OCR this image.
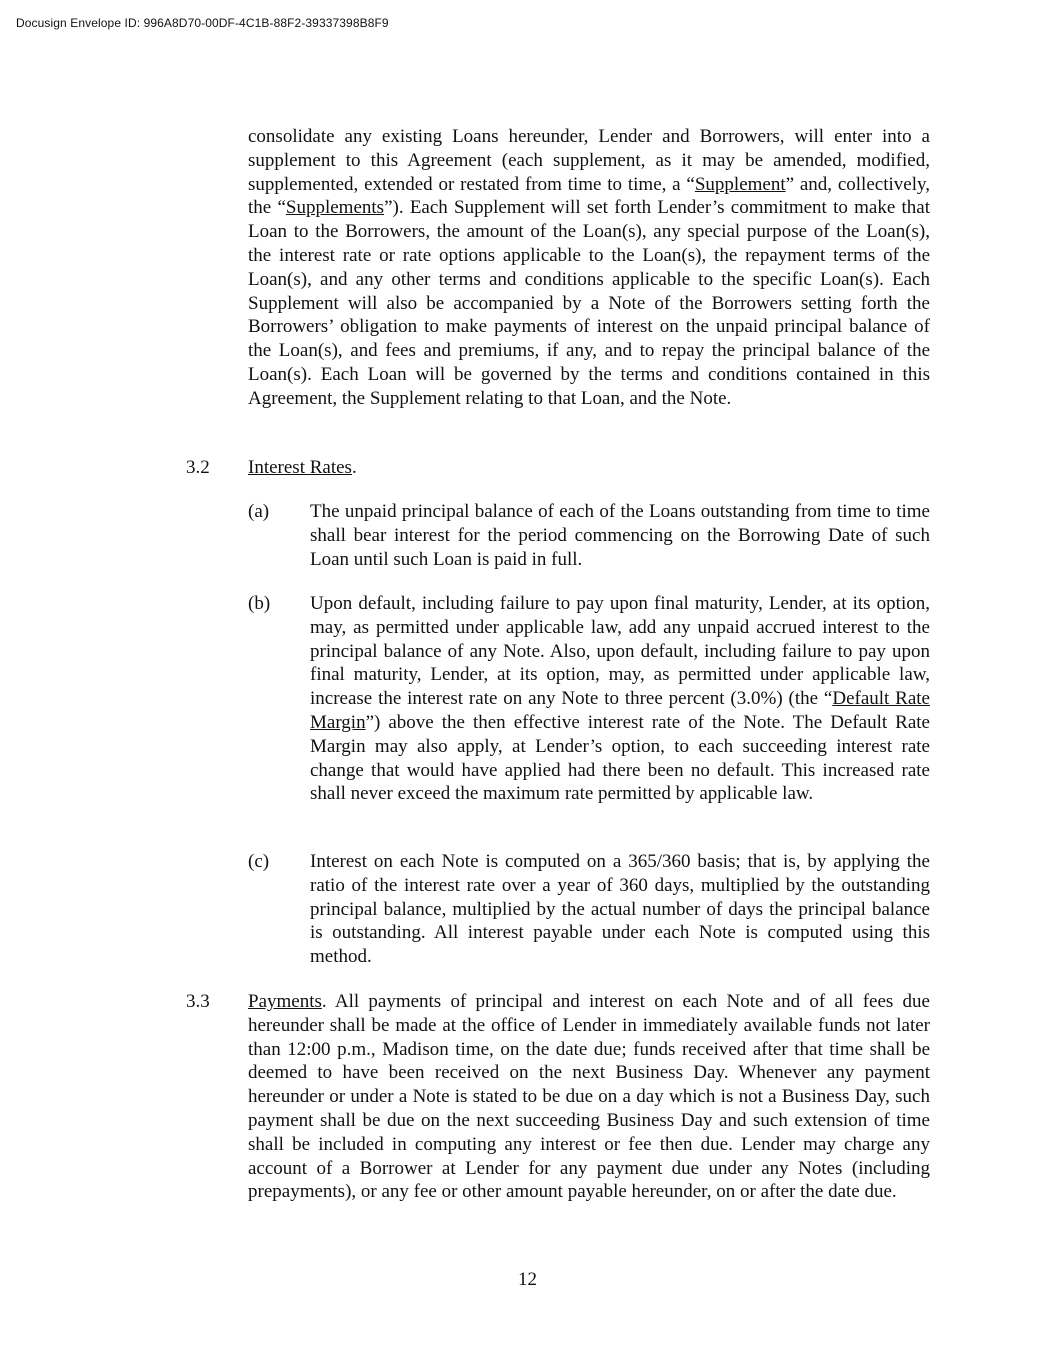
Docusign Envelope ID: 996A8D70-00DF-4C1B-88F2-39337398B8F9

consolidate any existing Loans hereunder, Lender and Borrowers, will enter into a supplement to this Agreement (each supplement, as it may be amended, modified, supplemented, extended or restated from time to time, a “Supplement” and, collectively, the “Supplements”). Each Supplement will set forth Lender’s commitment to make that Loan to the Borrowers, the amount of the Loan(s), any special purpose of the Loan(s), the interest rate or rate options applicable to the Loan(s), the repayment terms of the Loan(s), and any other terms and conditions applicable to the specific Loan(s). Each Supplement will also be accompanied by a Note of the Borrowers setting forth the Borrowers’ obligation to make payments of interest on the unpaid principal balance of the Loan(s), and fees and premiums, if any, and to repay the principal balance of the Loan(s). Each Loan will be governed by the terms and conditions contained in this Agreement, the Supplement relating to that Loan, and the Note.

3.2 Interest Rates.
(a) The unpaid principal balance of each of the Loans outstanding from time to time shall bear interest for the period commencing on the Borrowing Date of such Loan until such Loan is paid in full.

(b) Upon default, including failure to pay upon final maturity, Lender, at its option, may, as permitted under applicable law, add any unpaid accrued interest to the principal balance of any Note. Also, upon default, including failure to pay upon final maturity, Lender, at its option, may, as permitted under applicable law, increase the interest rate on any Note to three percent (3.0%) (the “Default Rate Margin”) above the then effective interest rate of the Note. The Default Rate Margin may also apply, at Lender’s option, to each succeeding interest rate change that would have applied had there been no default. This increased rate shall never exceed the maximum rate permitted by applicable law.

(c) Interest on each Note is computed on a 365/360 basis; that is, by applying the ratio of the interest rate over a year of 360 days, multiplied by the outstanding principal balance, multiplied by the actual number of days the principal balance is outstanding. All interest payable under each Note is computed using this method.

3.3 Payments. All payments of principal and interest on each Note and of all fees due hereunder shall be made at the office of Lender in immediately available funds not later than 12:00 p.m., Madison time, on the date due; funds received after that time shall be deemed to have been received on the next Business Day. Whenever any payment hereunder or under a Note is stated to be due on a day which is not a Business Day, such payment shall be due on the next succeeding Business Day and such extension of time shall be included in computing any interest or fee then due. Lender may charge any account of a Borrower at Lender for any payment due under any Notes (including prepayments), or any fee or other amount payable hereunder, on or after the date due.

12
